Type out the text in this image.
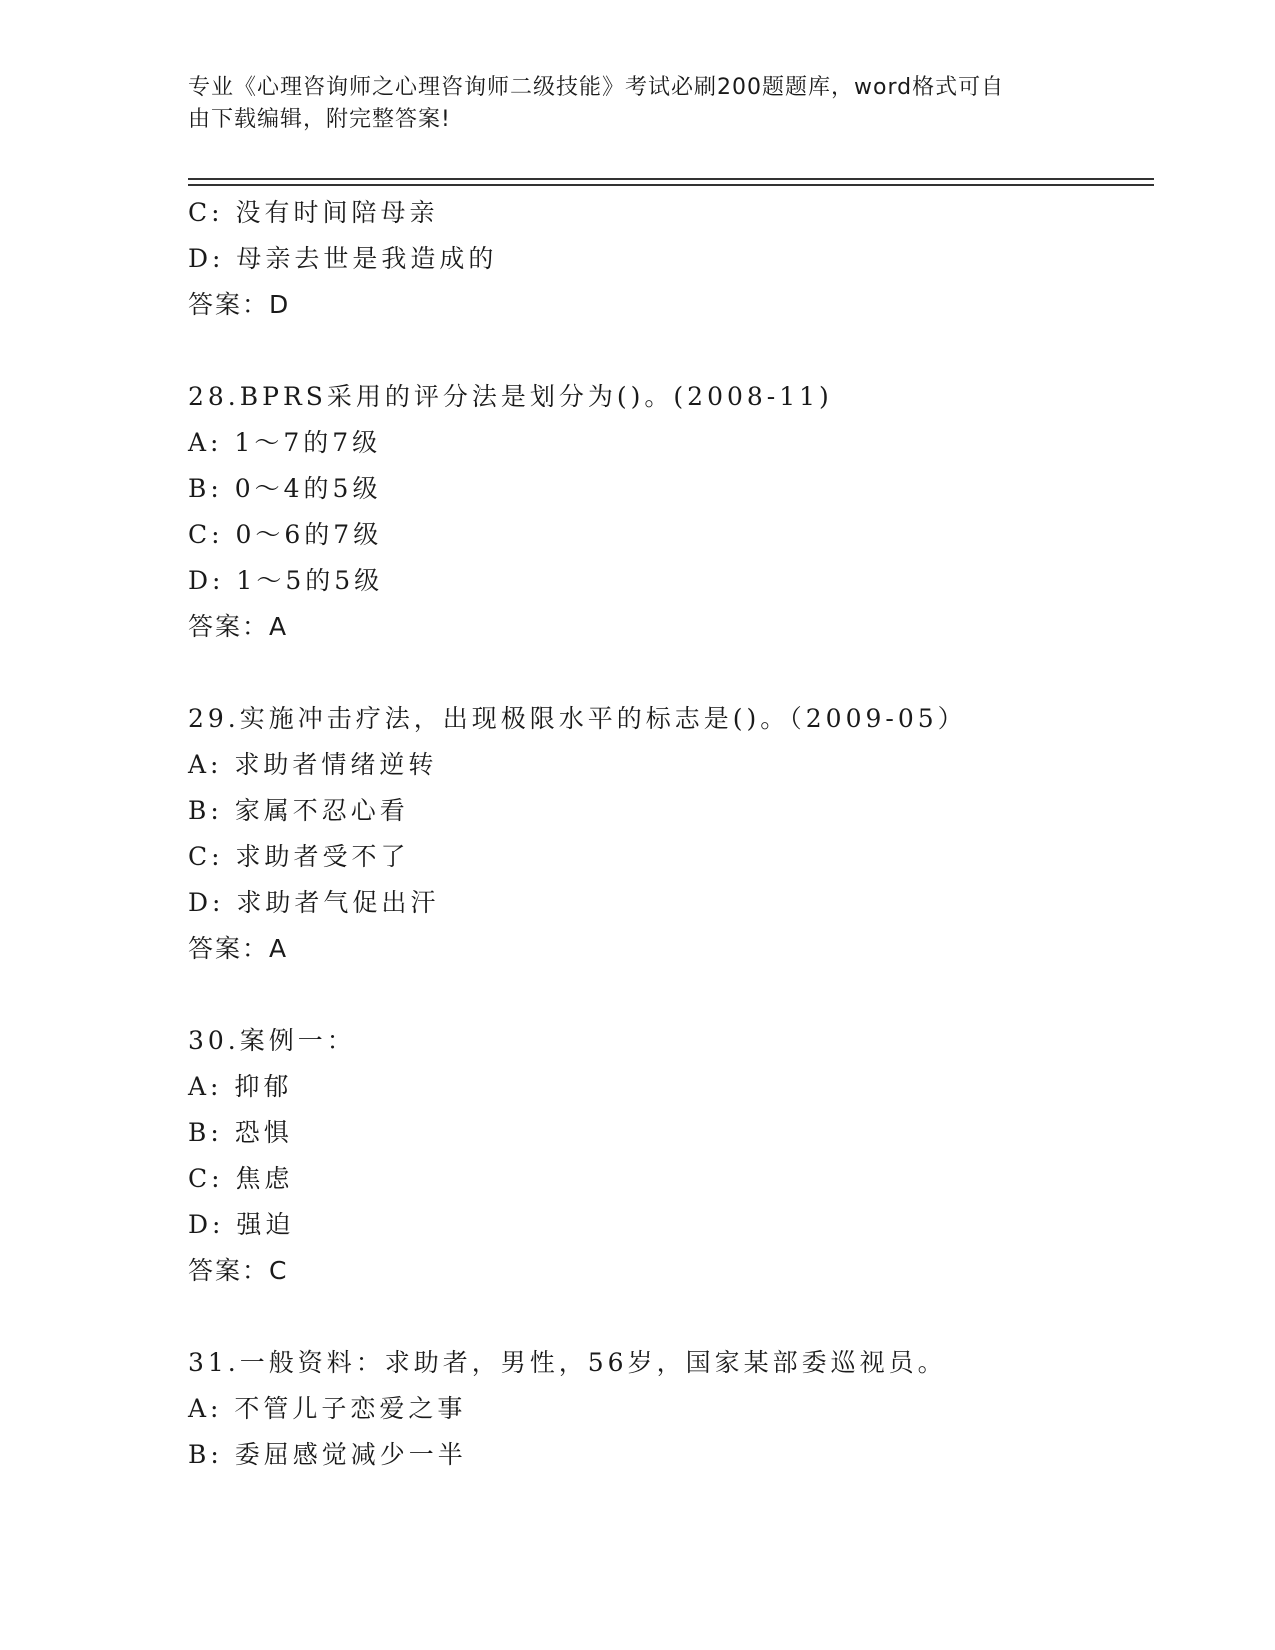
专业《心理咨询师之心理咨询师二级技能》考试必刷200题题库，word格式可自
由下载编辑，附完整答案!
C: 没有时间陪母亲
D: 母亲去世是我造成的
答案：D
28.BPRS采用的评分法是划分为()。(2008-11)
A: 1～7的7级
B: 0～4的5级
C: 0～6的7级
D: 1～5的5级
答案：A
29.实施冲击疗法，出现极限水平的标志是()。（2009-05）
A: 求助者情绪逆转
B: 家属不忍心看
C: 求助者受不了
D: 求助者气促出汗
答案：A
30.案例一：
A: 抑郁
B: 恐惧
C: 焦虑
D: 强迫
答案：C
31.一般资料：求助者，男性，56岁，国家某部委巡视员。
A: 不管儿子恋爱之事
B: 委屈感觉减少一半
